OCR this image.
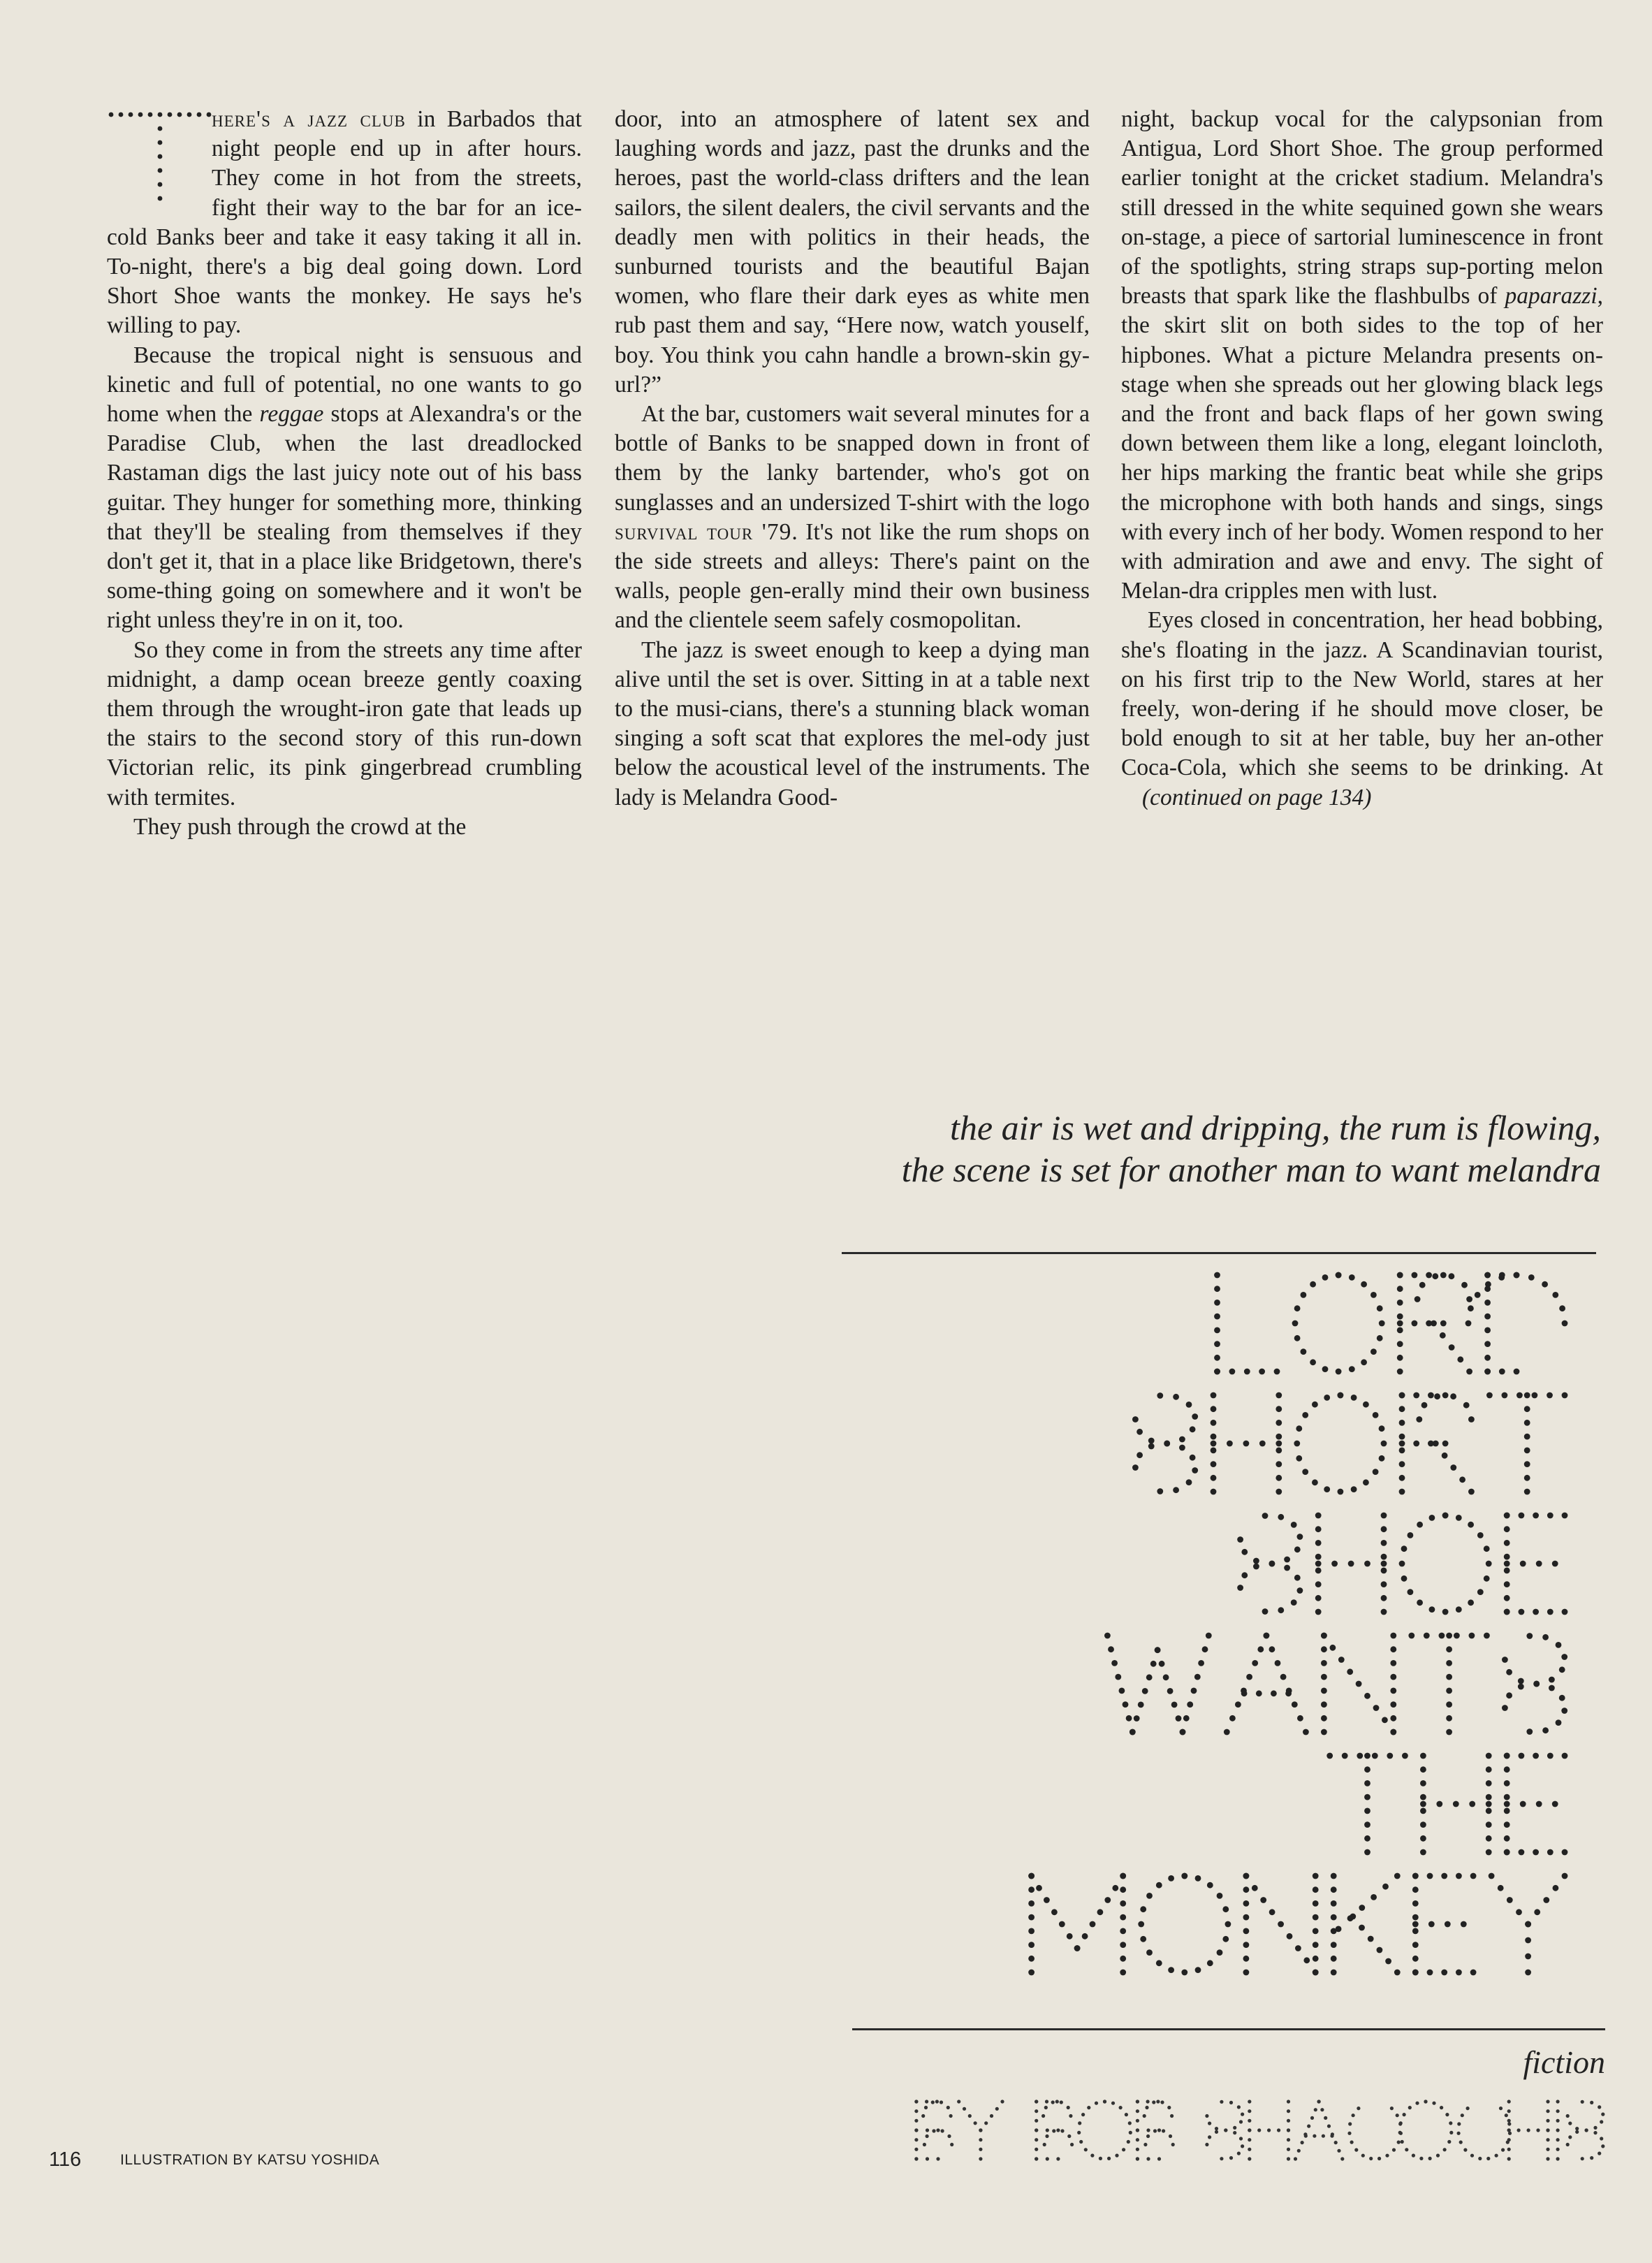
here's a jazz club in Barbados that night people end up in after hours. They come in hot from the streets, fight their way to the bar for an ice-cold Banks beer and take it easy taking it all in. To-night, there's a big deal going down. Lord Short Shoe wants the monkey. He says he's willing to pay.

Because the tropical night is sensuous and kinetic and full of potential, no one wants to go home when the reggae stops at Alexandra's or the Paradise Club, when the last dreadlocked Rastaman digs the last juicy note out of his bass guitar. They hunger for something more, thinking that they'll be stealing from themselves if they don't get it, that in a place like Bridgetown, there's some-thing going on somewhere and it won't be right unless they're in on it, too.

So they come in from the streets any time after midnight, a damp ocean breeze gently coaxing them through the wrought-iron gate that leads up the stairs to the second story of this run-down Victorian relic, its pink gingerbread crumbling with termites.

They push through the crowd at the

door, into an atmosphere of latent sex and laughing words and jazz, past the drunks and the heroes, past the world-class drifters and the lean sailors, the silent dealers, the civil servants and the deadly men with politics in their heads, the sunburned tourists and the beautiful Bajan women, who flare their dark eyes as white men rub past them and say, “Here now, watch youself, boy. You think you cahn handle a brown-skin gy-url?”

At the bar, customers wait several minutes for a bottle of Banks to be snapped down in front of them by the lanky bartender, who's got on sunglasses and an undersized T-shirt with the logo survival tour '79. It's not like the rum shops on the side streets and alleys: There's paint on the walls, people gen-erally mind their own business and the clientele seem safely cosmopolitan.

The jazz is sweet enough to keep a dying man alive until the set is over. Sitting in at a table next to the musi-cians, there's a stunning black woman singing a soft scat that explores the mel-ody just below the acoustical level of the instruments. The lady is Melandra Good-

night, backup vocal for the calypsonian from Antigua, Lord Short Shoe. The group performed earlier tonight at the cricket stadium. Melandra's still dressed in the white sequined gown she wears on-stage, a piece of sartorial luminescence in front of the spotlights, string straps sup-porting melon breasts that spark like the flashbulbs of paparazzi, the skirt slit on both sides to the top of her hipbones. What a picture Melandra presents on-stage when she spreads out her glowing black legs and the front and back flaps of her gown swing down between them like a long, elegant loincloth, her hips marking the frantic beat while she grips the microphone with both hands and sings, sings with every inch of her body. Women respond to her with admiration and awe and envy. The sight of Melan-dra cripples men with lust.

Eyes closed in concentration, her head bobbing, she's floating in the jazz. A Scandinavian tourist, on his first trip to the New World, stares at her freely, won-dering if he should move closer, be bold enough to sit at her table, buy her an-other Coca-Cola, which she seems to be drinking. At (continued on page 134)

the air is wet and dripping, the rum is flowing,
the scene is set for another man to want melandra
fiction
116	ILLUSTRATION BY KATSU YOSHIDA
